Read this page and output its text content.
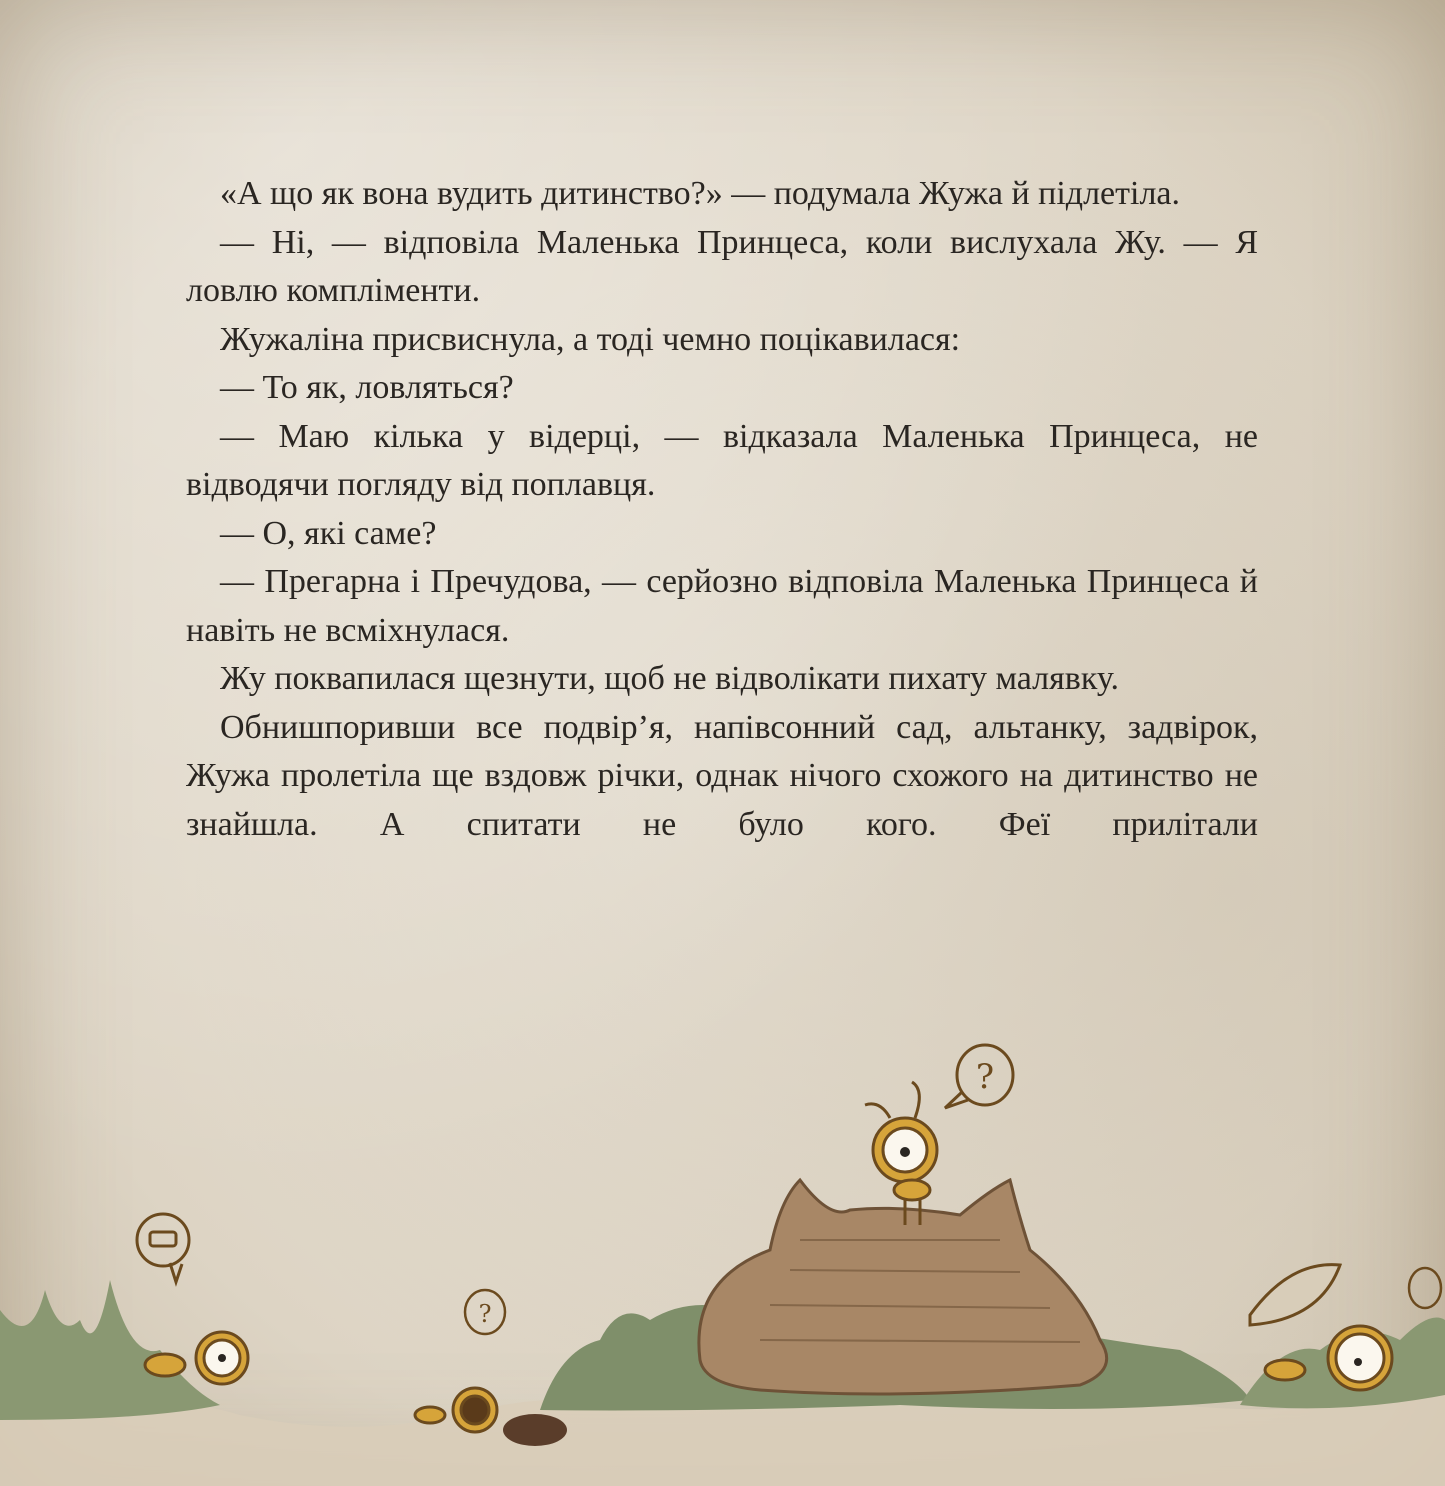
«А що як вона вудить дитинство?» — подумала Жужа й підлетіла.

— Ні, — відповіла Маленька Принцеса, коли вислухала Жу. — Я ловлю компліменти.

Жужаліна присвиснула, а тоді чемно поцікавилася:

— То як, ловляться?

— Маю кілька у відерці, — відказала Маленька Принцеса, не відводячи погляду від поплавця.

— О, які саме?

— Прегарна і Пречудова, — серйозно відповіла Маленька Принцеса й навіть не всміхнулася.

Жу поквапилася щезнути, щоб не відволікати пихату малявку.

Обнишпоривши все подвір’я, напівсонний сад, альтанку, задвірок, Жужа пролетіла ще вздовж річки, однак нічого схожого на дитинство не знайшла. А спитати не було кого. Феї прилітали

?
?
